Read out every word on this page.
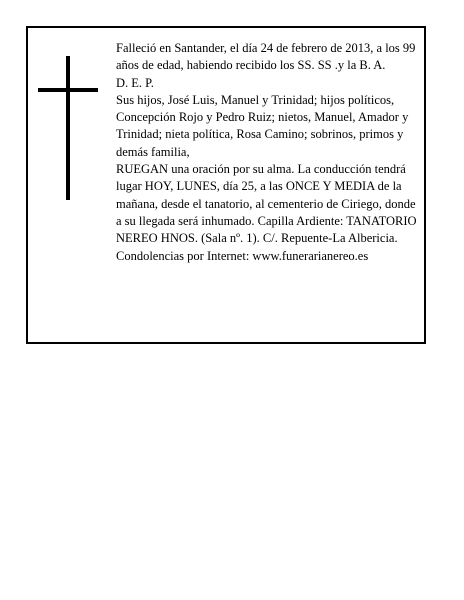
Falleció en Santander, el día 24 de febrero de 2013, a los 99 años de edad, habiendo recibido los SS. SS .y la B. A.

D. E. P.

Sus hijos, José Luis, Manuel y Trinidad; hijos políticos, Concepción Rojo y Pedro Ruiz; nietos, Manuel, Amador y Trinidad; nieta política, Rosa Camino; sobrinos, primos y demás familia,

RUEGAN una oración por su alma. La conducción tendrá lugar HOY, LUNES, día 25, a las ONCE Y MEDIA de la mañana, desde el tanatorio, al cementerio de Ciriego, donde a su llegada será inhumado. Capilla Ardiente: TANATORIO NEREO HNOS. (Sala nº. 1). C/. Repuente-La Albericia.

Condolencias por Internet: www.funerarianereo.es
